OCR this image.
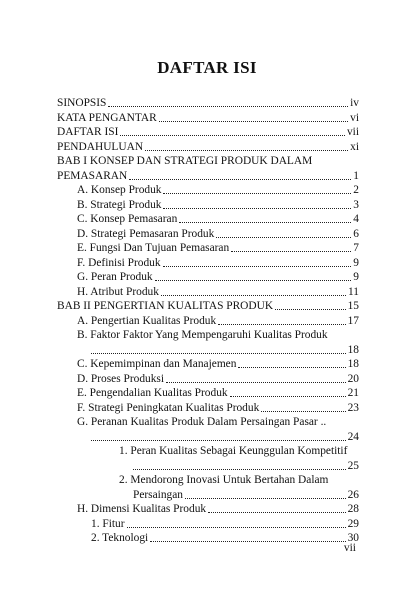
DAFTAR ISI
SINOPSIS	iv
KATA PENGANTAR	vi
DAFTAR ISI	vii
PENDAHULUAN	xi
BAB I KONSEP DAN STRATEGI PRODUK DALAM
PEMASARAN	1
A. Konsep Produk	2
B. Strategi Produk	3
C. Konsep Pemasaran	4
D. Strategi Pemasaran Produk	6
E. Fungsi Dan Tujuan Pemasaran	7
F. Definisi Produk	9
G. Peran Produk	9
H. Atribut Produk	11
BAB II PENGERTIAN KUALITAS PRODUK	15
A. Pengertian Kualitas Produk	17
B. Faktor Faktor Yang Mempengaruhi Kualitas Produk
18
C. Kepemimpinan dan Manajemen	18
D. Proses Produksi	20
E. Pengendalian Kualitas Produk	21
F. Strategi Peningkatan Kualitas Produk	23
G. Peranan Kualitas Produk Dalam Persaingan Pasar ..
24
1. Peran Kualitas Sebagai Keunggulan Kompetitif
25
2. Mendorong Inovasi Untuk Bertahan Dalam
Persaingan	26
H. Dimensi Kualitas Produk	28
1. Fitur	29
2. Teknologi	30
vii
